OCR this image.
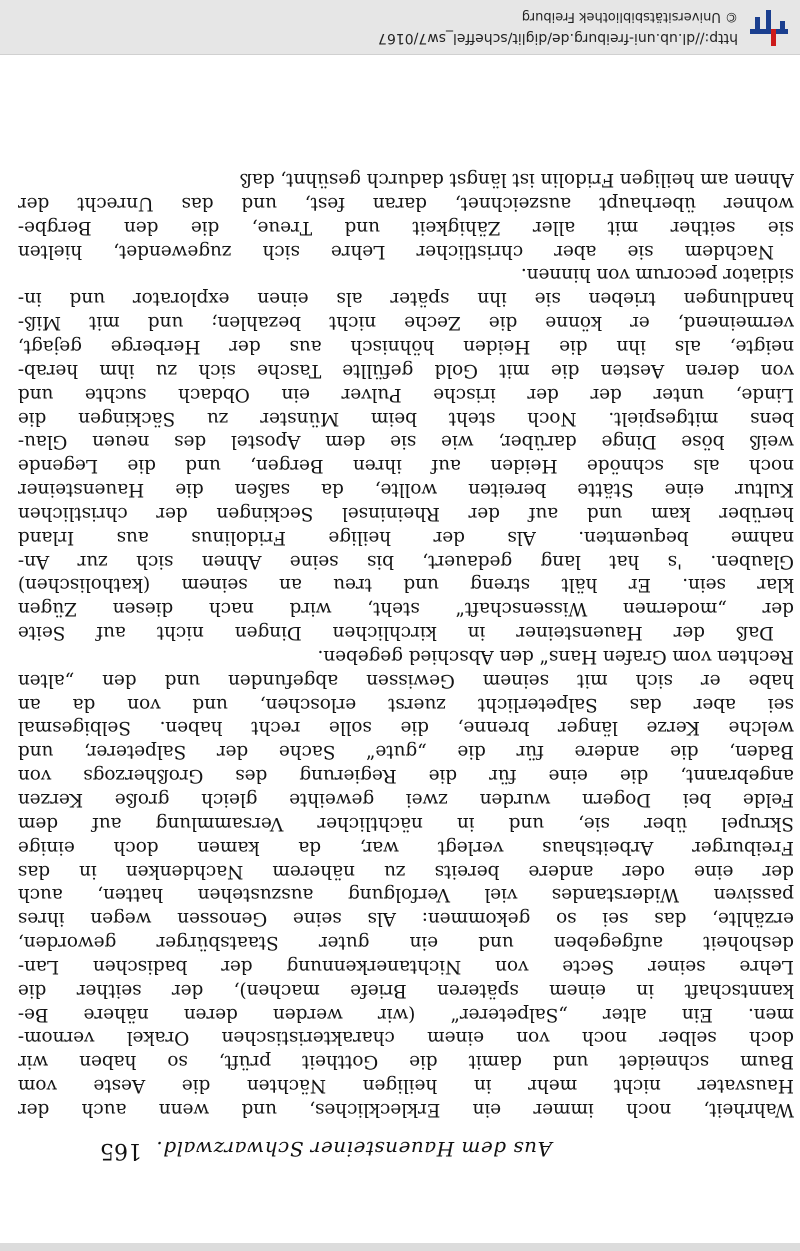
Aus dem Hauensteiner Schwarzwald.
165
Wahrheit, noch immer ein Erkleckliches, und wenn auch der
Hausvater nicht mehr in heiligen Nächten die Aeste vom
Baum schneidet und damit die Gottheit prüft, so haben wir
doch selber noch von einem charakteristischen Orakel vernom-
men. Ein alter „Salpeterer“ (wir werden deren nähere Be-
kanntschaft in einem späteren Briefe machen), der seither die
Lehre seiner Secte von Nichtanerkennung der badischen Lan-
deshoheit aufgegeben und ein guter Staatsbürger geworden,
erzählte, das sei so gekommen: Als seine Genossen wegen ihres
passiven Widerstandes viel Verfolgung auszustehen hatten, auch
der eine oder andere bereits zu näherem Nachdenken in das
Freiburger Arbeitshaus verlegt war, da kamen doch einige
Skrupel über sie, und in nächtlicher Versammlung auf dem
Felde bei Dogern wurden zwei geweihte gleich große Kerzen
angebrannt, die eine für die Regierung des Großherzogs von
Baden, die andere für die „gute“ Sache der Salpeterer, und
welche Kerze länger brenne, die solle recht haben. Selbigesmal
sei aber das Salpeterlicht zuerst erloschen, und von da an
habe er sich mit seinem Gewissen abgefunden und den „alten
Rechten vom Grafen Hans“ den Abschied gegeben.
Daß der Hauensteiner in kirchlichen Dingen nicht auf Seite
der „modernen Wissenschaft“ steht, wird nach diesen Zügen
klar sein. Er hält streng und treu an seinem (katholischen)
Glauben. 's hat lang gedauert, bis seine Ahnen sich zur An-
nahme bequemten. Als der heilige Fridolinus aus Irland
herüber kam und auf der Rheininsel Seckingen der christlichen
Kultur eine Stätte bereiten wollte, da saßen die Hauensteiner
noch als schnöde Heiden auf ihren Bergen, und die Legende
weiß böse Dinge darüber, wie sie dem Apostel des neuen Glau-
bens mitgespielt. Noch steht beim Münster zu Säckingen die
Linde, unter der der irische Pulver ein Obdach suchte und
von deren Aesten die mit Gold gefüllte Tasche sich zu ihm herab-
neigte, als ihn die Heiden höhnisch aus der Herberge gejagt,
vermeinend, er könne die Zeche nicht bezahlen; und mit Miß-
handlungen trieben sie ihn später als einen explorator und in-
sidiator pecorum von hinnen.
Nachdem sie aber christlicher Lehre sich zugewendet, hielten
sie seither mit aller Zähigkeit und Treue, die den Bergbe-
wohner überhaupt auszeichnet, daran fest, und das Unrecht der
Ahnen am heiligen Fridolin ist längst dadurch gesühnt, daß
http://dl.ub.uni-freiburg.de/diglit/scheffel_sw7/0167
© Universitätsbibliothek Freiburg
